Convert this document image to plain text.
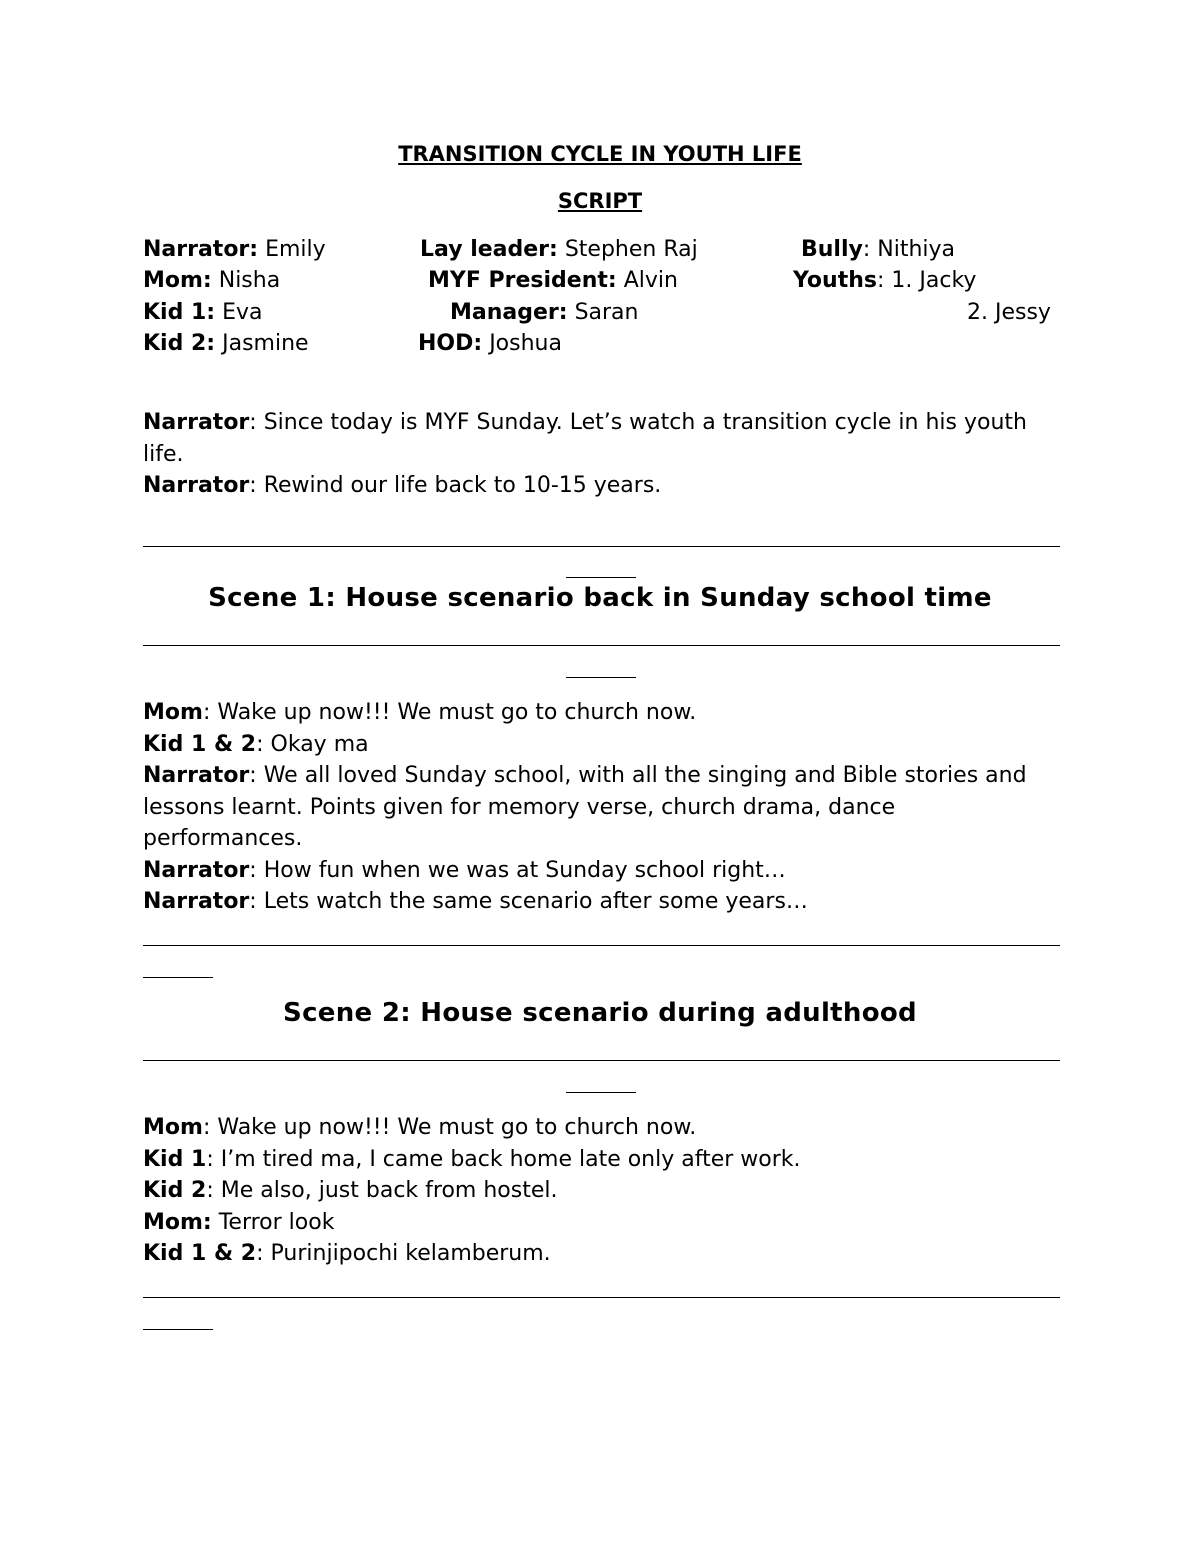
TRANSITION CYCLE IN YOUTH LIFE
SCRIPT
Narrator: Emily
Mom: Nisha
Kid 1: Eva
Kid 2: Jasmine
Lay leader: Stephen Raj
MYF President: Alvin
Manager: Saran
HOD: Joshua
Bully: Nithiya
Youths: 1. Jacky
2. Jessy

Narrator: Since today is MYF Sunday. Let’s watch a transition cycle in his youth life.

Narrator: Rewind our life back to 10-15 years.

Scene 1: House scenario back in Sunday school time

Mom: Wake up now!!! We must go to church now.

Kid 1 & 2: Okay ma

Narrator: We all loved Sunday school, with all the singing and Bible stories and lessons learnt. Points given for memory verse, church drama, dance performances.

Narrator: How fun when we was at Sunday school right…

Narrator: Lets watch the same scenario after some years…

Scene 2: House scenario during adulthood

Mom: Wake up now!!! We must go to church now.

Kid 1: I’m tired ma, I came back home late only after work.

Kid 2: Me also, just back from hostel.

Mom: Terror look

Kid 1 & 2: Purinjipochi kelamberum.
